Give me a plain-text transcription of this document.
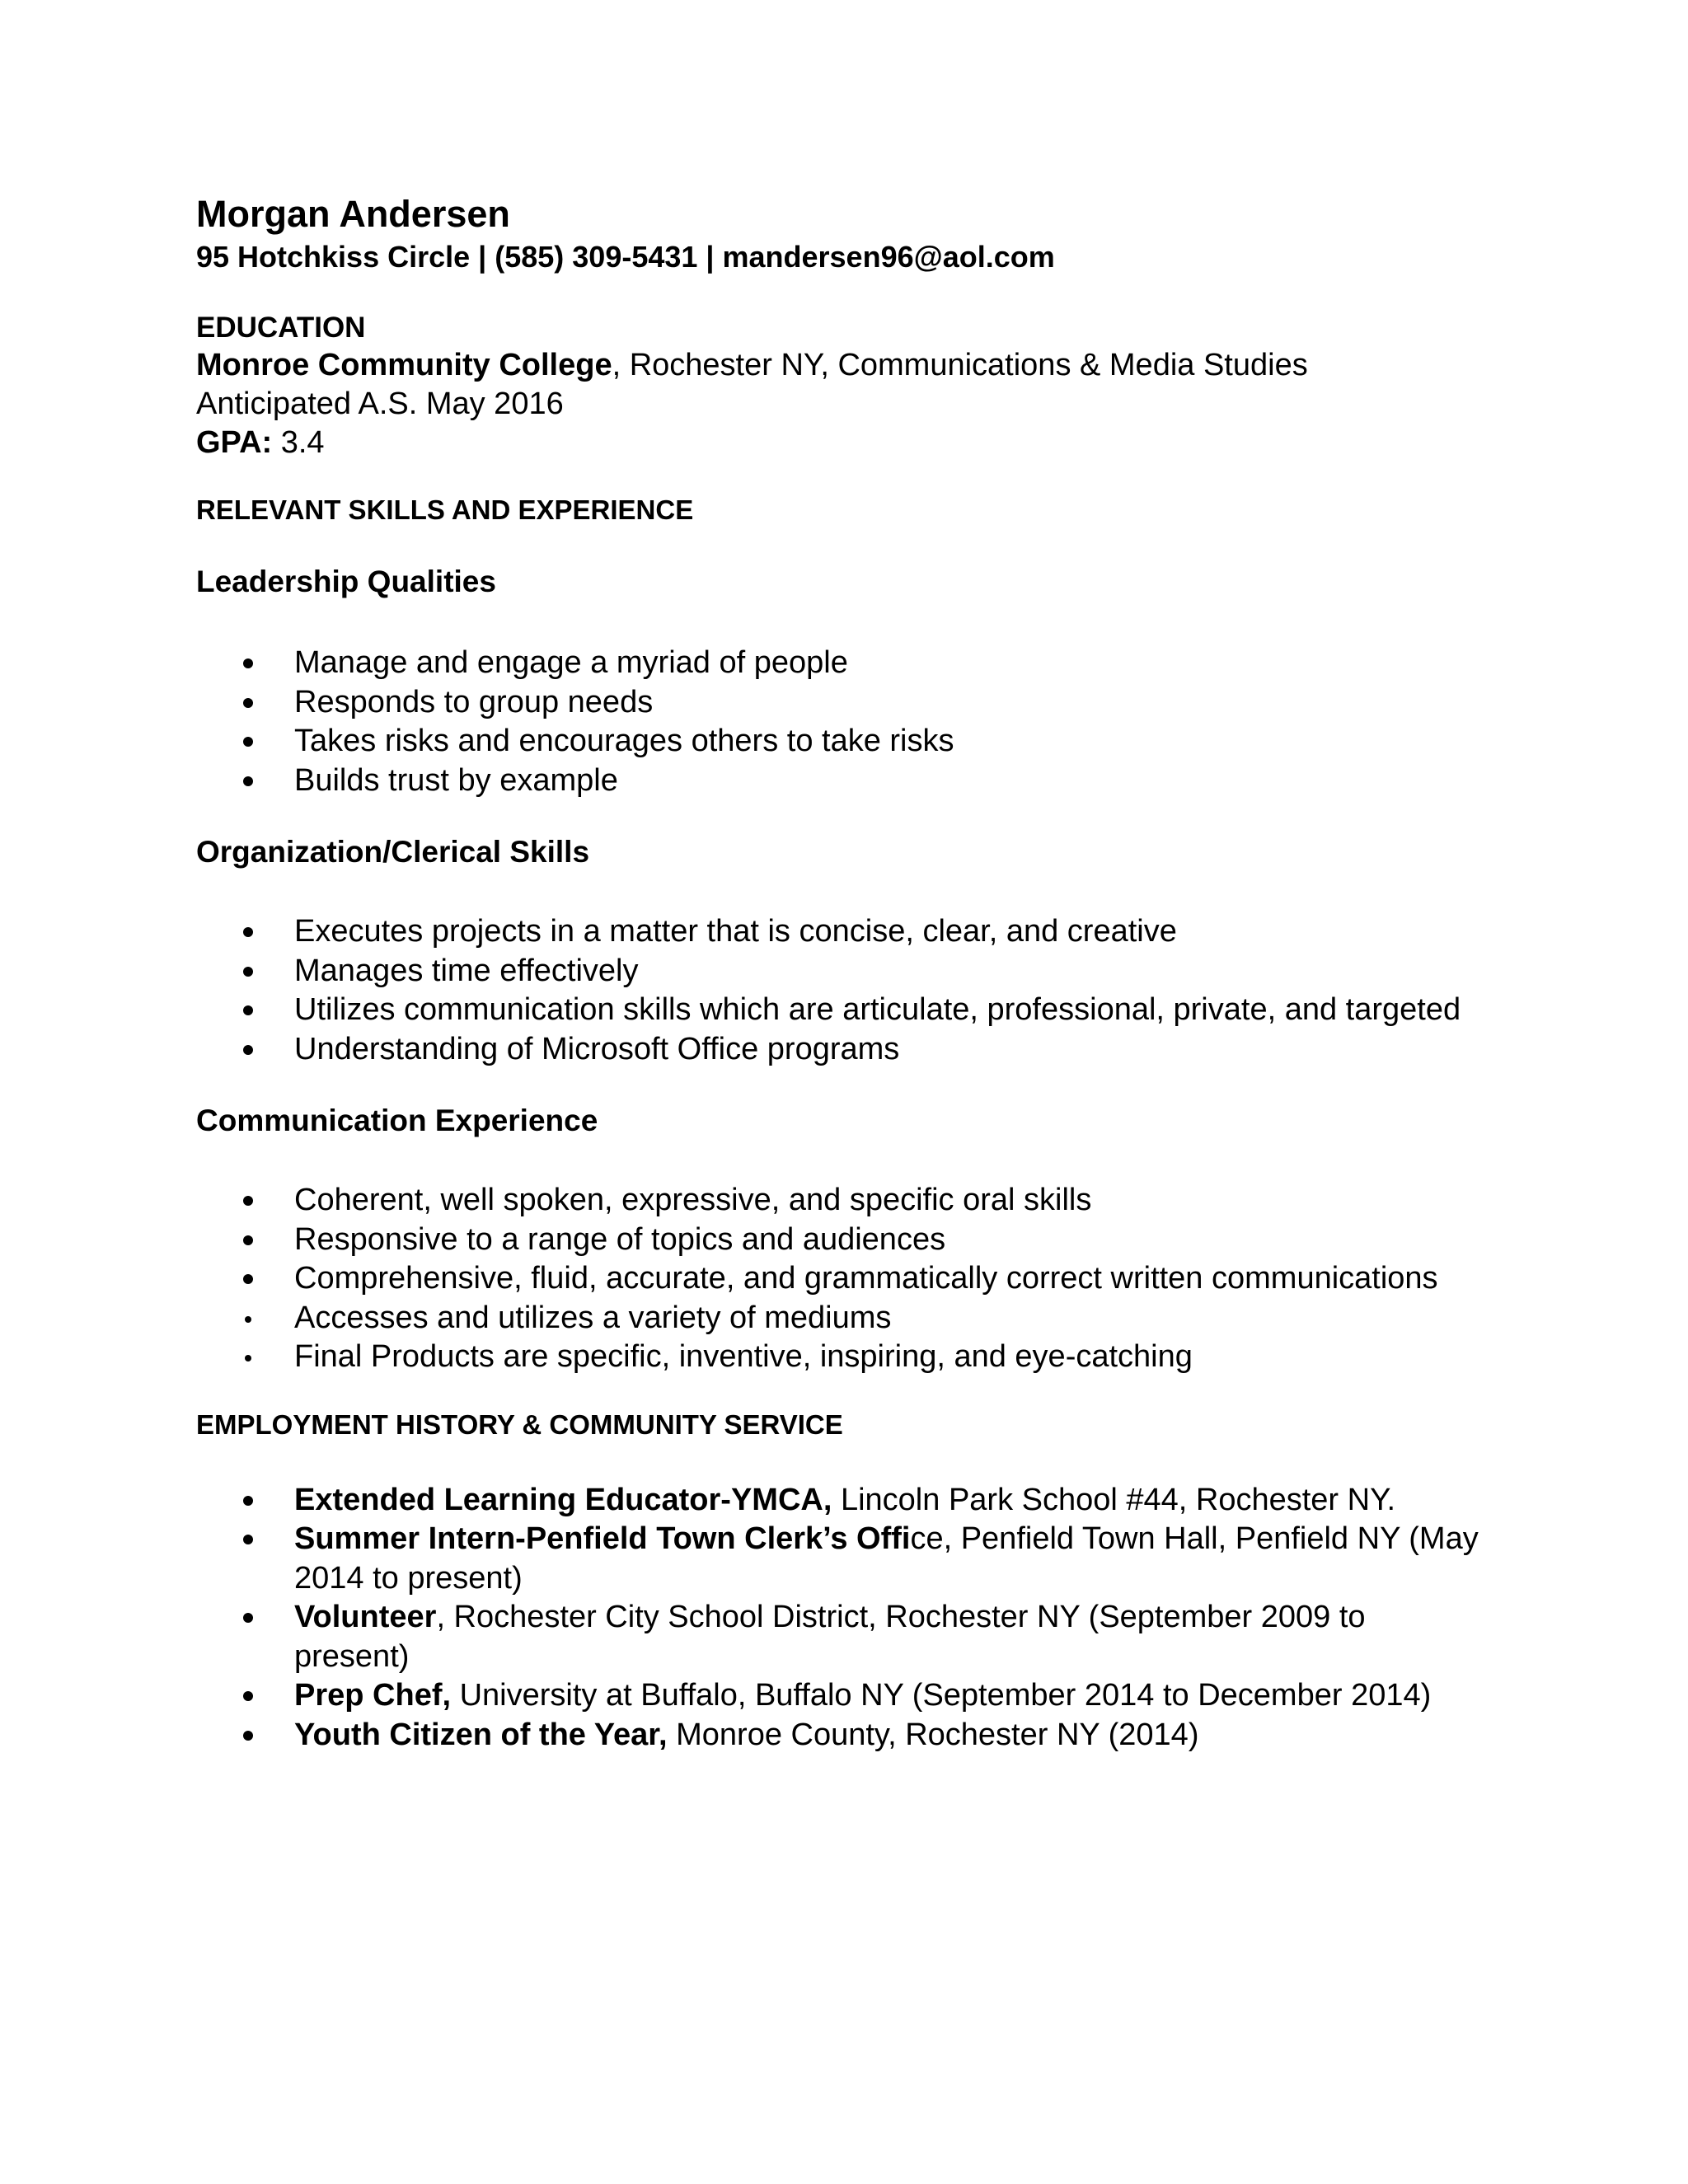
Morgan Andersen

95 Hotchkiss Circle | (585) 309-5431 | mandersen96@aol.com

EDUCATION

Monroe Community College, Rochester NY, Communications & Media Studies

Anticipated A.S. May 2016

GPA: 3.4

RELEVANT SKILLS AND EXPERIENCE

Leadership Qualities

Manage and engage a myriad of people
Responds to group needs
Takes risks and encourages others to take risks
Builds trust by example

Organization/Clerical Skills

Executes projects in a matter that is concise, clear, and creative
Manages time effectively
Utilizes communication skills which are articulate, professional, private, and targeted
Understanding of Microsoft Office programs

Communication Experience

Coherent, well spoken, expressive, and specific oral skills
Responsive to a range of topics and audiences
Comprehensive, fluid, accurate, and grammatically correct written communications
Accesses and utilizes a variety of mediums
Final Products are specific, inventive, inspiring, and eye-catching

EMPLOYMENT HISTORY & COMMUNITY SERVICE

Extended Learning Educator-YMCA, Lincoln Park School #44, Rochester NY.
Summer Intern-Penfield Town Clerk’s Office, Penfield Town Hall, Penfield NY (May 2014 to present)
Volunteer, Rochester City School District, Rochester NY (September 2009 to present)
Prep Chef, University at Buffalo, Buffalo NY (September 2014 to December 2014)
Youth Citizen of the Year, Monroe County, Rochester NY (2014)
